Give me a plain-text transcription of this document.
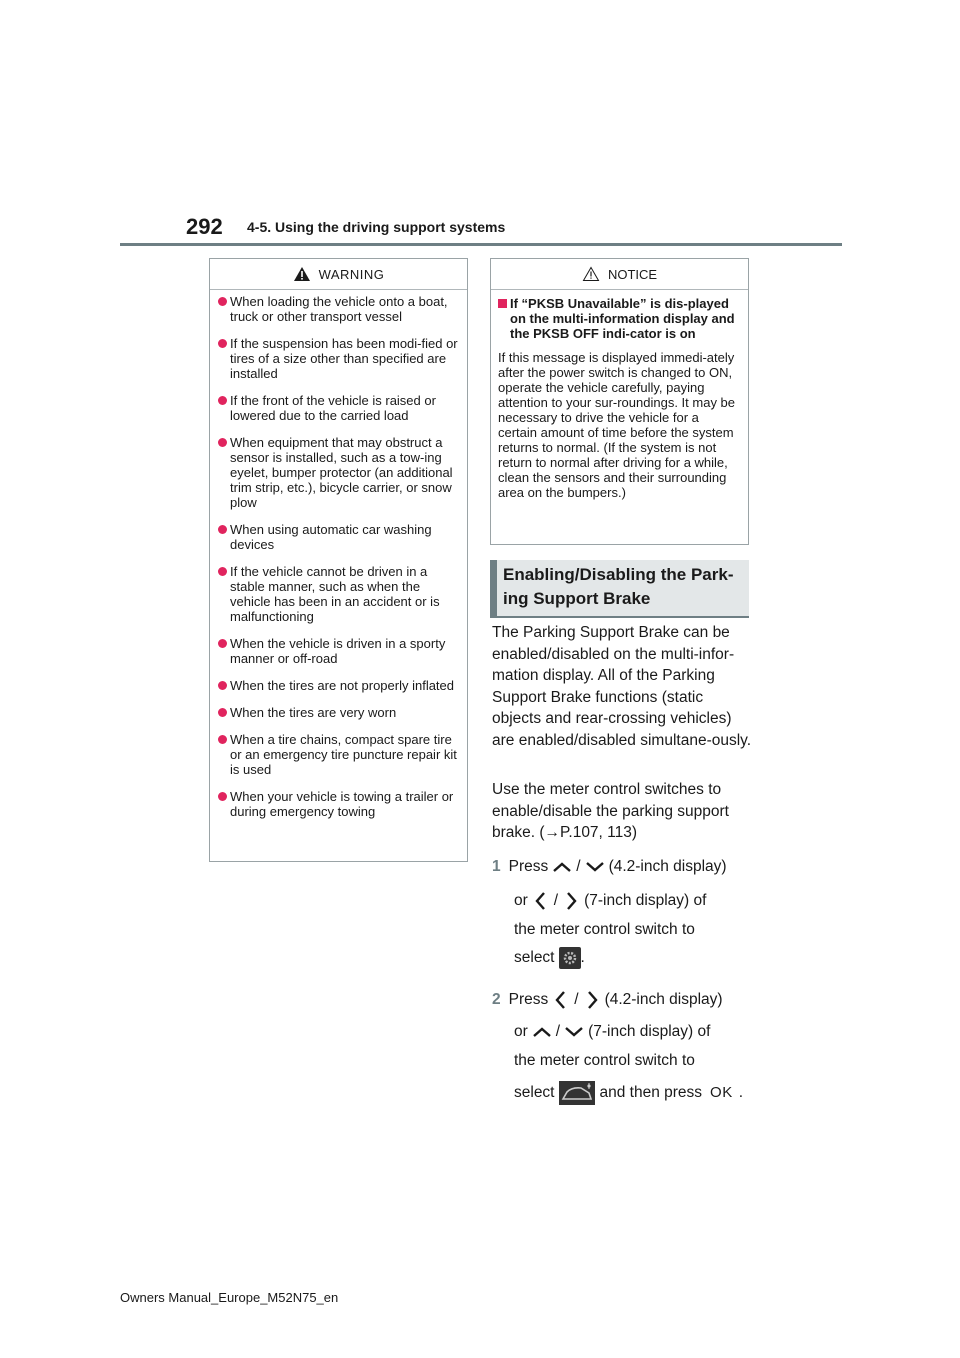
292 4-5. Using the driving support systems
WARNING
When loading the vehicle onto a boat, truck or other transport vessel
If the suspension has been modi-fied or tires of a size other than specified are installed
If the front of the vehicle is raised or lowered due to the carried load
When equipment that may obstruct a sensor is installed, such as a tow-ing eyelet, bumper protector (an additional trim strip, etc.), bicycle carrier, or snow plow
When using automatic car washing devices
If the vehicle cannot be driven in a stable manner, such as when the vehicle has been in an accident or is malfunctioning
When the vehicle is driven in a sporty manner or off-road
When the tires are not properly inflated
When the tires are very worn
When a tire chains, compact spare tire or an emergency tire puncture repair kit is used
When your vehicle is towing a trailer or during emergency towing
NOTICE
If “PKSB Unavailable” is dis-played on the multi-information display and the PKSB OFF indi-cator is on
If this message is displayed immedi-ately after the power switch is changed to ON, operate the vehicle carefully, paying attention to your sur-roundings. It may be necessary to drive the vehicle for a certain amount of time before the system returns to normal. (If the system is not return to normal after driving for a while, clean the sensors and their surrounding area on the bumpers.)
Enabling/Disabling the Park-
ing Support Brake
The Parking Support Brake can be enabled/disabled on the multi-infor-mation display. All of the Parking Support Brake functions (static objects and rear-crossing vehicles) are enabled/disabled simultane-ously.
Use the meter control switches to enable/disable the parking support brake. (→P.107, 113)
1 Press / (4.2-inch display)
or / (7-inch display) of
the meter control switch to
select .
2 Press / (4.2-inch display)
or / (7-inch display) of
the meter control switch to
select	and then press OK .
Owners Manual_Europe_M52N75_en
